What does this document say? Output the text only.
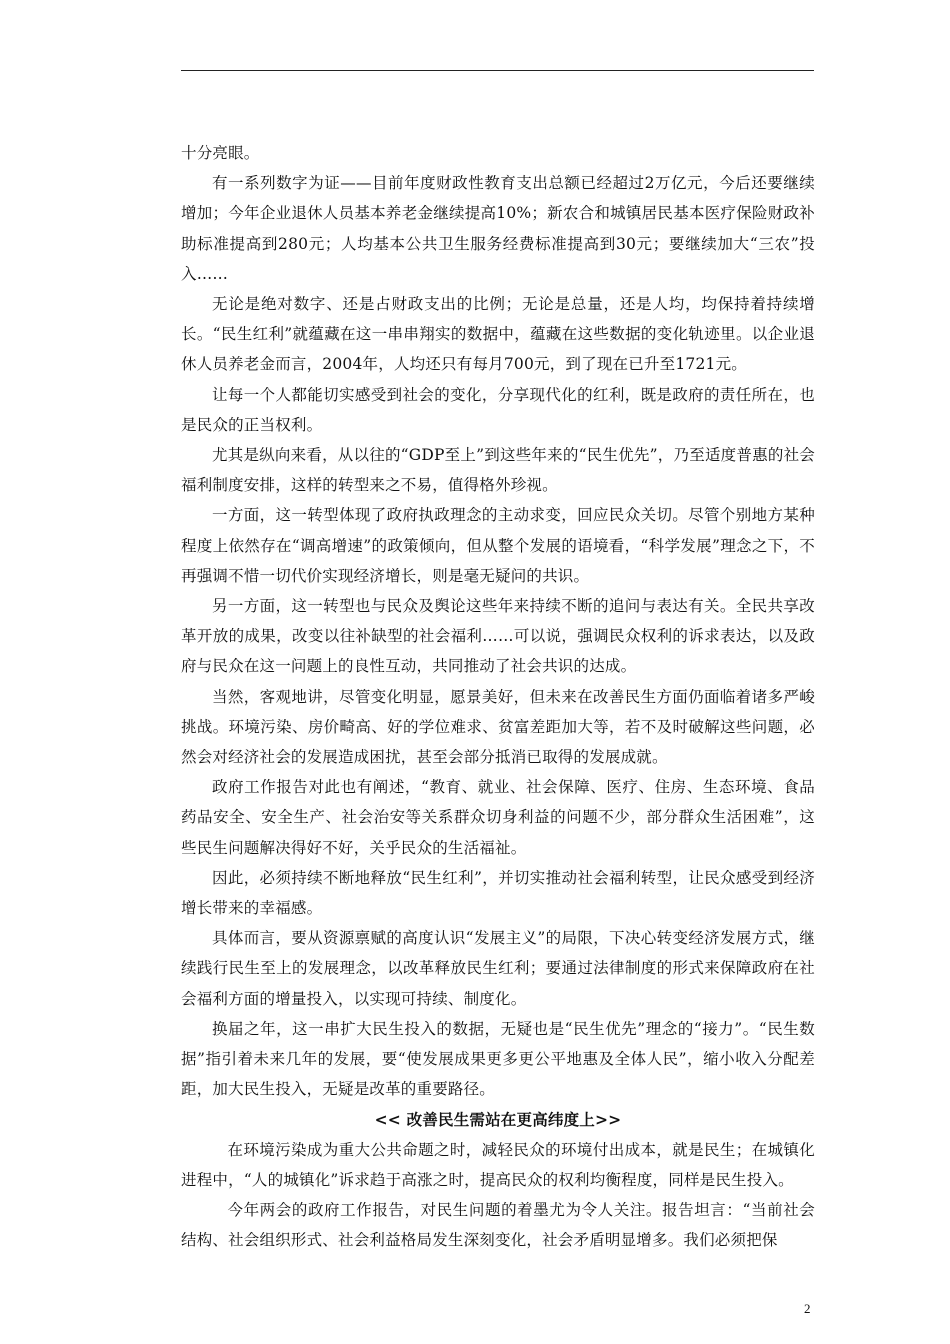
十分亮眼。

有一系列数字为证——目前年度财政性教育支出总额已经超过2万亿元，今后还要继续增加；今年企业退休人员基本养老金继续提高10%；新农合和城镇居民基本医疗保险财政补助标准提高到280元；人均基本公共卫生服务经费标准提高到30元；要继续加大“三农”投入……

无论是绝对数字、还是占财政支出的比例；无论是总量，还是人均，均保持着持续增长。“民生红利”就蕴藏在这一串串翔实的数据中，蕴藏在这些数据的变化轨迹里。以企业退休人员养老金而言，2004年，人均还只有每月700元，到了现在已升至1721元。

让每一个人都能切实感受到社会的变化，分享现代化的红利，既是政府的责任所在，也是民众的正当权利。

尤其是纵向来看，从以往的“GDP至上”到这些年来的“民生优先”，乃至适度普惠的社会福利制度安排，这样的转型来之不易，值得格外珍视。

一方面，这一转型体现了政府执政理念的主动求变，回应民众关切。尽管个别地方某种程度上依然存在“调高增速”的政策倾向，但从整个发展的语境看，“科学发展”理念之下，不再强调不惜一切代价实现经济增长，则是毫无疑问的共识。

另一方面，这一转型也与民众及舆论这些年来持续不断的追问与表达有关。全民共享改革开放的成果，改变以往补缺型的社会福利……可以说，强调民众权利的诉求表达，以及政府与民众在这一问题上的良性互动，共同推动了社会共识的达成。

当然，客观地讲，尽管变化明显，愿景美好，但未来在改善民生方面仍面临着诸多严峻挑战。环境污染、房价畸高、好的学位难求、贫富差距加大等，若不及时破解这些问题，必然会对经济社会的发展造成困扰，甚至会部分抵消已取得的发展成就。

政府工作报告对此也有阐述，“教育、就业、社会保障、医疗、住房、生态环境、食品药品安全、安全生产、社会治安等关系群众切身利益的问题不少，部分群众生活困难”，这些民生问题解决得好不好，关乎民众的生活福祉。

因此，必须持续不断地释放“民生红利”，并切实推动社会福利转型，让民众感受到经济增长带来的幸福感。

具体而言，要从资源禀赋的高度认识“发展主义”的局限，下决心转变经济发展方式，继续践行民生至上的发展理念，以改革释放民生红利；要通过法律制度的形式来保障政府在社会福利方面的增量投入，以实现可持续、制度化。

换届之年，这一串扩大民生投入的数据，无疑也是“民生优先”理念的“接力”。“民生数据”指引着未来几年的发展，要“使发展成果更多更公平地惠及全体人民”，缩小收入分配差距，加大民生投入，无疑是改革的重要路径。

<< 改善民生需站在更高纬度上>>

在环境污染成为重大公共命题之时，减轻民众的环境付出成本，就是民生；在城镇化进程中，“人的城镇化”诉求趋于高涨之时，提高民众的权利均衡程度，同样是民生投入。

今年两会的政府工作报告，对民生问题的着墨尤为令人关注。报告坦言：“当前社会结构、社会组织形式、社会利益格局发生深刻变化，社会矛盾明显增多。我们必须把保

2
